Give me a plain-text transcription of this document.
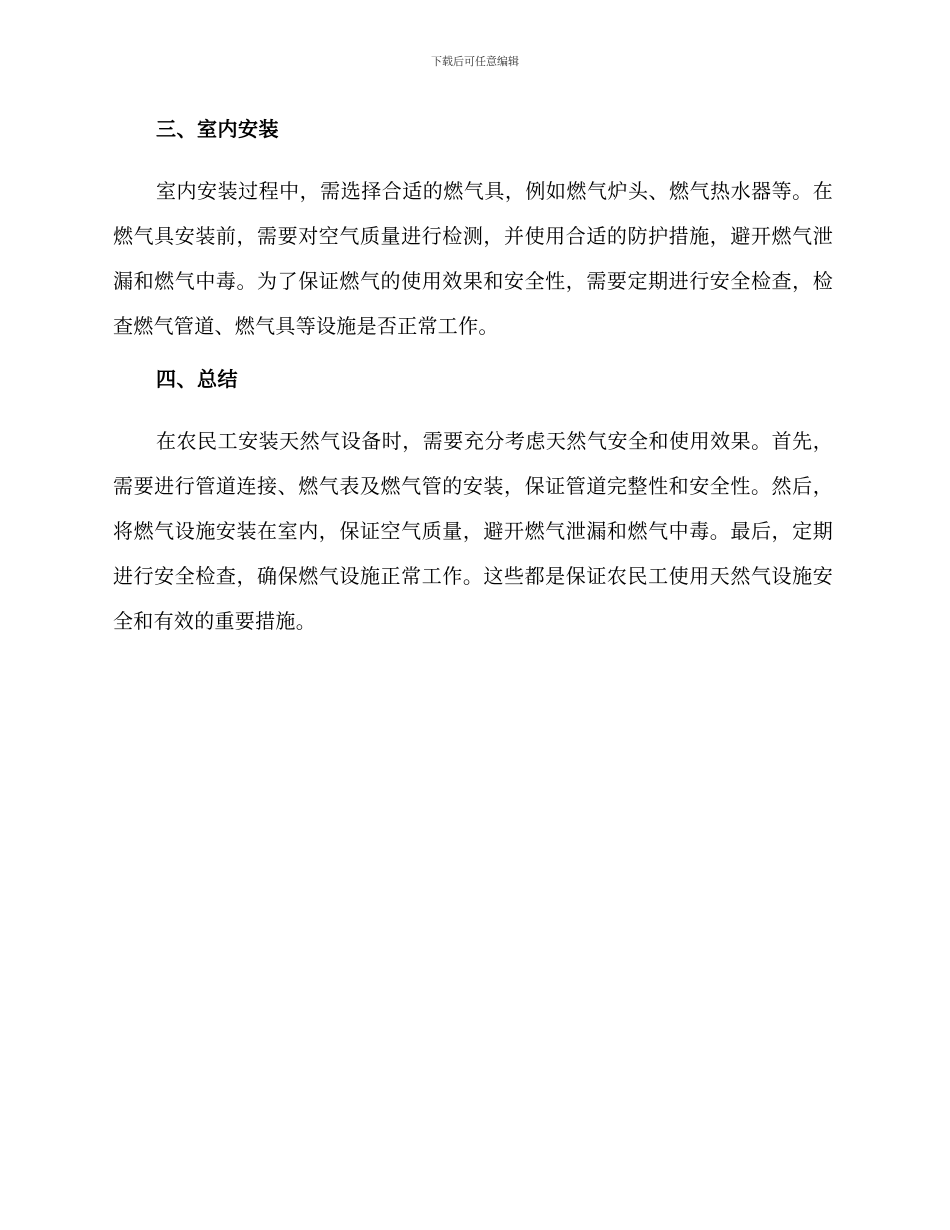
下载后可任意编辑
三、室内安装

室内安装过程中，需选择合适的燃气具，例如燃气炉头、燃气热水器等。在燃气具安装前，需要对空气质量进行检测，并使用合适的防护措施，避开燃气泄漏和燃气中毒。为了保证燃气的使用效果和安全性，需要定期进行安全检查，检查燃气管道、燃气具等设施是否正常工作。

四、总结

在农民工安装天然气设备时，需要充分考虑天然气安全和使用效果。首先，需要进行管道连接、燃气表及燃气管的安装，保证管道完整性和安全性。然后，将燃气设施安装在室内，保证空气质量，避开燃气泄漏和燃气中毒。最后，定期进行安全检查，确保燃气设施正常工作。这些都是保证农民工使用天然气设施安全和有效的重要措施。
